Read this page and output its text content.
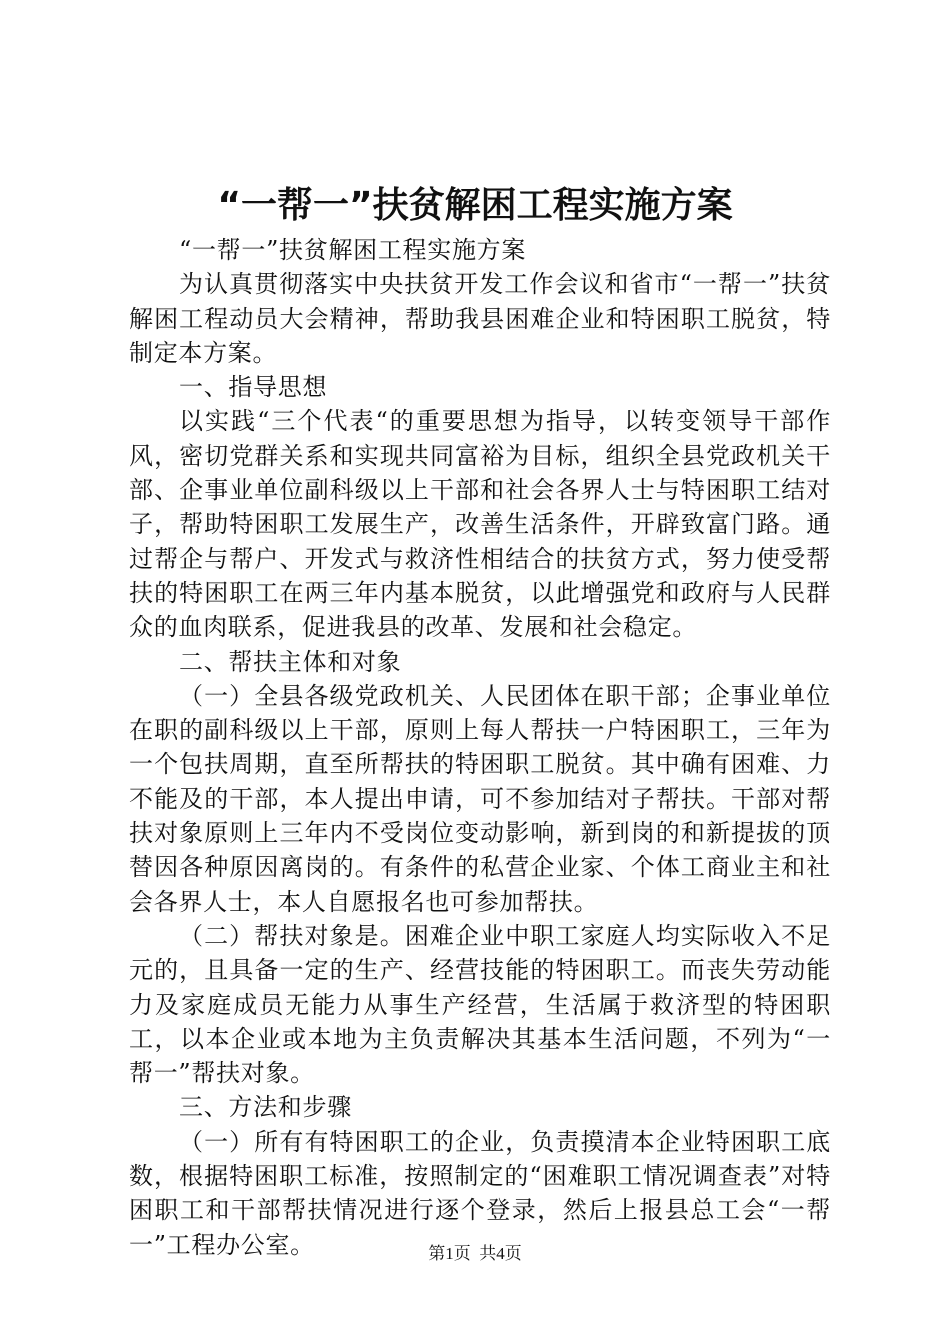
“一帮一”扶贫解困工程实施方案

“一帮一”扶贫解困工程实施方案

为认真贯彻落实中央扶贫开发工作会议和省市“一帮一”扶贫解困工程动员大会精神，帮助我县困难企业和特困职工脱贫，特制定本方案。

一、指导思想

以实践“三个代表“的重要思想为指导，以转变领导干部作风，密切党群关系和实现共同富裕为目标，组织全县党政机关干部、企事业单位副科级以上干部和社会各界人士与特困职工结对子，帮助特困职工发展生产，改善生活条件，开辟致富门路。通过帮企与帮户、开发式与救济性相结合的扶贫方式，努力使受帮扶的特困职工在两三年内基本脱贫，以此增强党和政府与人民群众的血肉联系，促进我县的改革、发展和社会稳定。

二、帮扶主体和对象

（一）全县各级党政机关、人民团体在职干部；企事业单位在职的副科级以上干部，原则上每人帮扶一户特困职工，三年为一个包扶周期，直至所帮扶的特困职工脱贫。其中确有困难、力不能及的干部，本人提出申请，可不参加结对子帮扶。干部对帮扶对象原则上三年内不受岗位变动影响，新到岗的和新提拔的顶替因各种原因离岗的。有条件的私营企业家、个体工商业主和社会各界人士，本人自愿报名也可参加帮扶。

（二）帮扶对象是。困难企业中职工家庭人均实际收入不足元的，且具备一定的生产、经营技能的特困职工。而丧失劳动能力及家庭成员无能力从事生产经营，生活属于救济型的特困职工，以本企业或本地为主负责解决其基本生活问题，不列为“一帮一”帮扶对象。

三、方法和步骤

（一）所有有特困职工的企业，负责摸清本企业特困职工底数，根据特困职工标准，按照制定的“困难职工情况调查表”对特困职工和干部帮扶情况进行逐个登录，然后上报县总工会“一帮一”工程办公室。	第1页 共4页
